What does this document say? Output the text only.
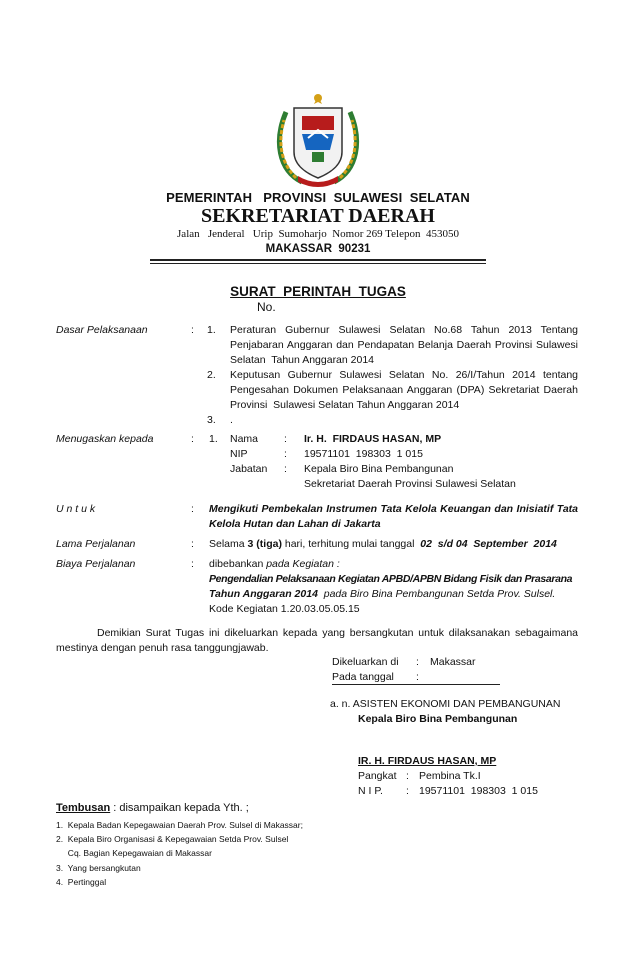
PEMERINTAH   PROVINSI  SULAWESI  SELATAN
SEKRETARIAT DAERAH
Jalan   Jenderal   Urip  Sumoharjo  Nomor 269 Telepon  453050
MAKASSAR  90231
SURAT  PERINTAH  TUGAS
No.
Dasar Pelaksanaan	: 1. Peraturan Gubernur Sulawesi Selatan No.68 Tahun 2013 Tentang
Penjabaran Anggaran dan Pendapatan Belanja Daerah Provinsi Sulawesi
Selatan  Tahun Anggaran 2014
2. Keputusan Gubernur Sulawesi Selatan No. 26/I/Tahun 2014 tentang
Pengesahan Dokumen Pelaksanaan Anggaran (DPA) Sekretariat Daerah
Provinsi  Sulawesi Selatan Tahun Anggaran 2014
3. .
Menugaskan kepada	: 1. Nama : Ir. H.  FIRDAUS HASAN, MP
NIP	: 19571101  198303  1 015
Jabatan : Kepala Biro Bina Pembangunan
Sekretariat Daerah Provinsi Sulawesi Selatan
U n t u k	: Mengikuti Pembekalan Instrumen Tata Kelola Keuangan dan Inisiatif Tata
Kelola Hutan dan Lahan di Jakarta
Lama Perjalanan	: Selama 3 (tiga) hari, terhitung mulai tanggal  02  s/d 04  September  2014
Biaya Perjalanan	: dibebankan pada Kegiatan :
Pengendalian Pelaksanaan Kegiatan APBD/APBN Bidang Fisik dan Prasarana
Tahun Anggaran 2014  pada Biro Bina Pembangunan Setda Prov. Sulsel.
Kode Kegiatan 1.20.03.05.05.15
Demikian Surat Tugas ini dikeluarkan kepada yang bersangkutan untuk dilaksanakan sebagaimana
mestinya dengan penuh rasa tanggungjawab.
Dikeluarkan di : Makassar
Pada tanggal :
a. n. ASISTEN EKONOMI DAN PEMBANGUNAN
Kepala Biro Bina Pembangunan
IR. H. FIRDAUS HASAN, MP
Pangkat : Pembina Tk.I
N I P. : 19571101  198303  1 015
Tembusan : disampaikan kepada Yth. ;
1.  Kepala Badan Kepegawaian Daerah Prov. Sulsel di Makassar;
2.  Kepala Biro Organisasi & Kepegawaian Setda Prov. Sulsel
Cq. Bagian Kepegawaian di Makassar
3.  Yang bersangkutan
4.  Pertinggal
